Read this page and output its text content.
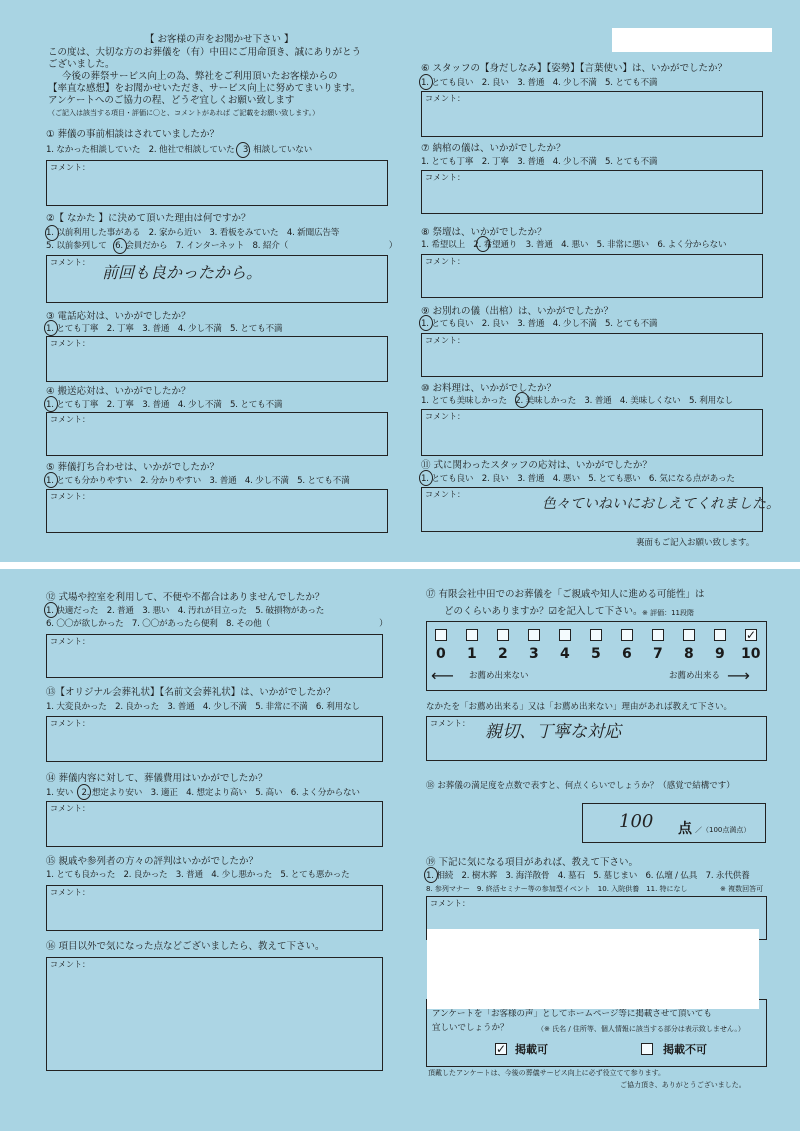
【 お客様の声をお聞かせ下さい 】
この度は、大切な方のお葬儀を（有）中田にご用命頂き、誠にありがとう
ございました。
今後の葬祭サービス向上の為、弊社をご利用頂いたお客様からの
【率直な感想】をお聞かせいただき、サービス向上に努めてまいります。
アンケートへのご協力の程、どうぞ宜しくお願い致します
（ご記入は該当する項目・評価に〇と、コメントがあれば ご記載をお願い致します。）
① 葬儀の事前相談はされていましたか？
1. なかった相談していた　2. 他社で相談していた　3. 相談していない
コメント：
②【 なかた 】に決めて頂いた理由は何ですか？
1. 以前利用した事がある　2. 家から近い　3. 看板をみていた　4. 新聞広告等
5. 以前参列して　6. 会員だから　7. インターネット　8. 紹介（　　　　　　　　　　　　）
コメント：
前回も良かったから。
③ 電話応対は、いかがでしたか？
1. とても丁寧　2. 丁寧　3. 普通　4. 少し不満　5. とても不満
コメント：
④ 搬送応対は、いかがでしたか？
1. とても丁寧　2. 丁寧　3. 普通　4. 少し不満　5. とても不満
コメント：
⑤ 葬儀打ち合わせは、いかがでしたか？
1. とても分かりやすい　2. 分かりやすい　3. 普通　4. 少し不満　5. とても不満
コメント：
⑥ スタッフの【身だしなみ】【姿勢】【言葉使い】は、いかがでしたか？
1. とても良い　2. 良い　3. 普通　4. 少し不満　5. とても不満
コメント：
⑦ 納棺の儀は、いかがでしたか？
1. とても丁寧　2. 丁寧　3. 普通　4. 少し不満　5. とても不満
コメント：
⑧ 祭壇は、いかがでしたか？
1. 希望以上　2. 希望通り　3. 普通　4. 悪い　5. 非常に悪い　6. よく分からない
コメント：
⑨ お別れの儀（出棺）は、いかがでしたか？
1. とても良い　2. 良い　3. 普通　4. 少し不満　5. とても不満
コメント：
⑩ お料理は、いかがでしたか？
1. とても美味しかった　2. 美味しかった　3. 普通　4. 美味しくない　5. 利用なし
コメント：
⑪ 式に関わったスタッフの応対は、いかがでしたか？
1. とても良い　2. 良い　3. 普通　4. 悪い　5. とても悪い　6. 気になる点があった
コメント：
色々ていねいにおしえてくれました。
裏面もご記入お願い致します。
⑫ 式場や控室を利用して、不便や不都合はありませんでしたか？
1. 快適だった　2. 普通　3. 悪い　4. 汚れが目立った　5. 破損物があった
6. 〇〇が欲しかった　7. 〇〇があったら便利　8. その他（　　　　　　　　　　　　　）
コメント：
⑬【オリジナル会葬礼状】【名前文会葬礼状】は、いかがでしたか？
1. 大変良かった　2. 良かった　3. 普通　4. 少し不満　5. 非常に不満　6. 利用なし
コメント：
⑭ 葬儀内容に対して、葬儀費用はいかがでしたか？
1. 安い　2. 想定より安い　3. 適正　4. 想定より高い　5. 高い　6. よく分からない
コメント：
⑮ 親戚や参列者の方々の評判はいかがでしたか？
1. とても良かった　2. 良かった　3. 普通　4. 少し悪かった　5. とても悪かった
コメント：
⑯ 項目以外で気になった点などございましたら、教えて下さい。
コメント：
⑰ 有限会社中田でのお葬儀を「ご親戚や知人に進める可能性」は
どのくらいありますか？☑を記入して下さい。 ※ 評価：11段階
✓
0 1 2 3 4 5 6 7 8 9 10
⟵ お薦め出来ない	お薦め出来る ⟶
なかたを「お薦め出来る」又は「お薦め出来ない」理由があれば教えて下さい。
コメント： 親切、丁寧な対応
⑱ お葬儀の満足度を点数で表すと、何点くらいでしょうか？（感覚で結構です）
100 点 ／（100点満点）
⑲ 下記に気になる項目があれば、教えて下さい。
1. 相続　2. 樹木葬　3. 海洋散骨　4. 墓石　5. 墓じまい　6. 仏壇 / 仏具　7. 永代供養
8. 参列マナー　9. 終活セミナー等の参加型イベント　10. 入院供養　11. 特になし	※ 複数回答可
コメント：
アンケートを「お客様の声」としてホームページ等に掲載させて頂いても
宜しいでしょうか？	（※ 氏名 / 住所等、個人情報に該当する部分は表示致しません。）
✓ 掲載可	掲載不可
頂戴したアンケートは、今後の葬儀サービス向上に必ず役立てて参ります。
ご協力頂き、ありがとうございました。
